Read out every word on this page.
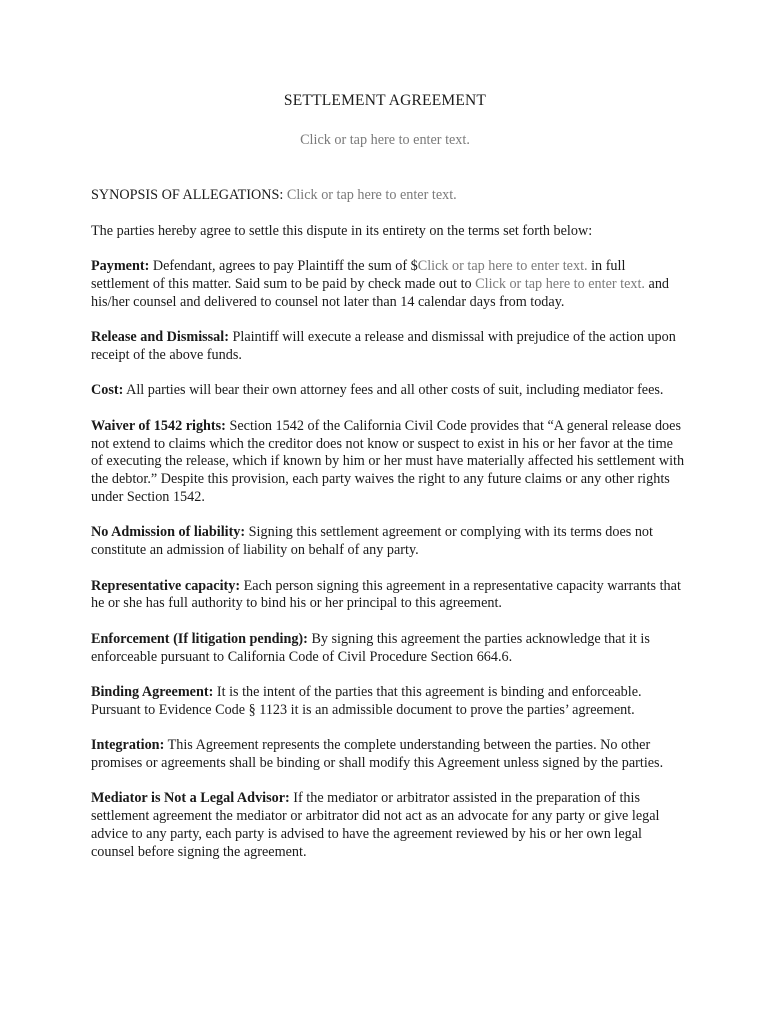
SETTLEMENT AGREEMENT
Click or tap here to enter text.

SYNOPSIS OF ALLEGATIONS: Click or tap here to enter text.

The parties hereby agree to settle this dispute in its entirety on the terms set forth below:

Payment: Defendant, agrees to pay Plaintiff the sum of $Click or tap here to enter text. in full settlement of this matter. Said sum to be paid by check made out to Click or tap here to enter text. and his/her counsel and delivered to counsel not later than 14 calendar days from today.

Release and Dismissal: Plaintiff will execute a release and dismissal with prejudice of the action upon receipt of the above funds.

Cost: All parties will bear their own attorney fees and all other costs of suit, including mediator fees.

Waiver of 1542 rights: Section 1542 of the California Civil Code provides that “A general release does not extend to claims which the creditor does not know or suspect to exist in his or her favor at the time of executing the release, which if known by him or her must have materially affected his settlement with the debtor.” Despite this provision, each party waives the right to any future claims or any other rights under Section 1542.

No Admission of liability: Signing this settlement agreement or complying with its terms does not constitute an admission of liability on behalf of any party.

Representative capacity: Each person signing this agreement in a representative capacity warrants that he or she has full authority to bind his or her principal to this agreement.

Enforcement (If litigation pending): By signing this agreement the parties acknowledge that it is enforceable pursuant to California Code of Civil Procedure Section 664.6.

Binding Agreement: It is the intent of the parties that this agreement is binding and enforceable. Pursuant to Evidence Code § 1123 it is an admissible document to prove the parties’ agreement.

Integration: This Agreement represents the complete understanding between the parties. No other promises or agreements shall be binding or shall modify this Agreement unless signed by the parties.

Mediator is Not a Legal Advisor: If the mediator or arbitrator assisted in the preparation of this settlement agreement the mediator or arbitrator did not act as an advocate for any party or give legal advice to any party, each party is advised to have the agreement reviewed by his or her own legal counsel before signing the agreement.
